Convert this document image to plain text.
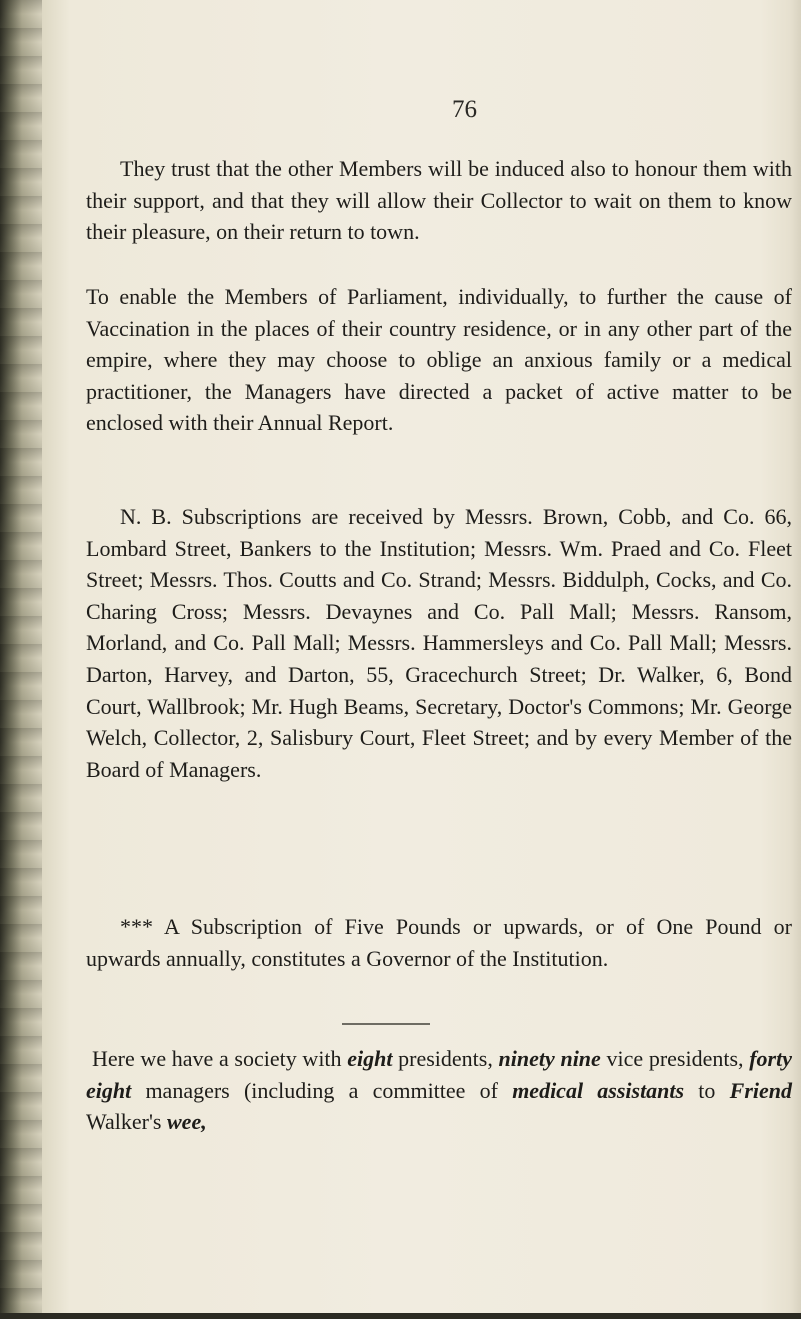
76

They trust that the other Members will be induced also to honour them with their support, and that they will allow their Collector to wait on them to know their pleasure, on their return to town.

To enable the Members of Parliament, individually, to further the cause of Vaccination in the places of their country residence, or in any other part of the empire, where they may choose to oblige an anxious family or a medical practitioner, the Managers have directed a packet of active matter to be enclosed with their Annual Report.

N. B. Subscriptions are received by Messrs. Brown, Cobb, and Co. 66, Lombard Street, Bankers to the Institution; Messrs. Wm. Praed and Co. Fleet Street; Messrs. Thos. Coutts and Co. Strand; Messrs. Biddulph, Cocks, and Co. Charing Cross; Messrs. Devaynes and Co. Pall Mall; Messrs. Ransom, Morland, and Co. Pall Mall; Messrs. Hammersleys and Co. Pall Mall; Messrs. Darton, Harvey, and Darton, 55, Gracechurch Street; Dr. Walker, 6, Bond Court, Wallbrook; Mr. Hugh Beams, Secretary, Doctor's Commons; Mr. George Welch, Collector, 2, Salisbury Court, Fleet Street; and by every Member of the Board of Managers.

*** A Subscription of Five Pounds or upwards, or of One Pound or upwards annually, constitutes a Governor of the Institution.

Here we have a society with eight presidents, ninety nine vice presidents, forty eight managers (including a committee of medical assistants to Friend Walker's wee,
